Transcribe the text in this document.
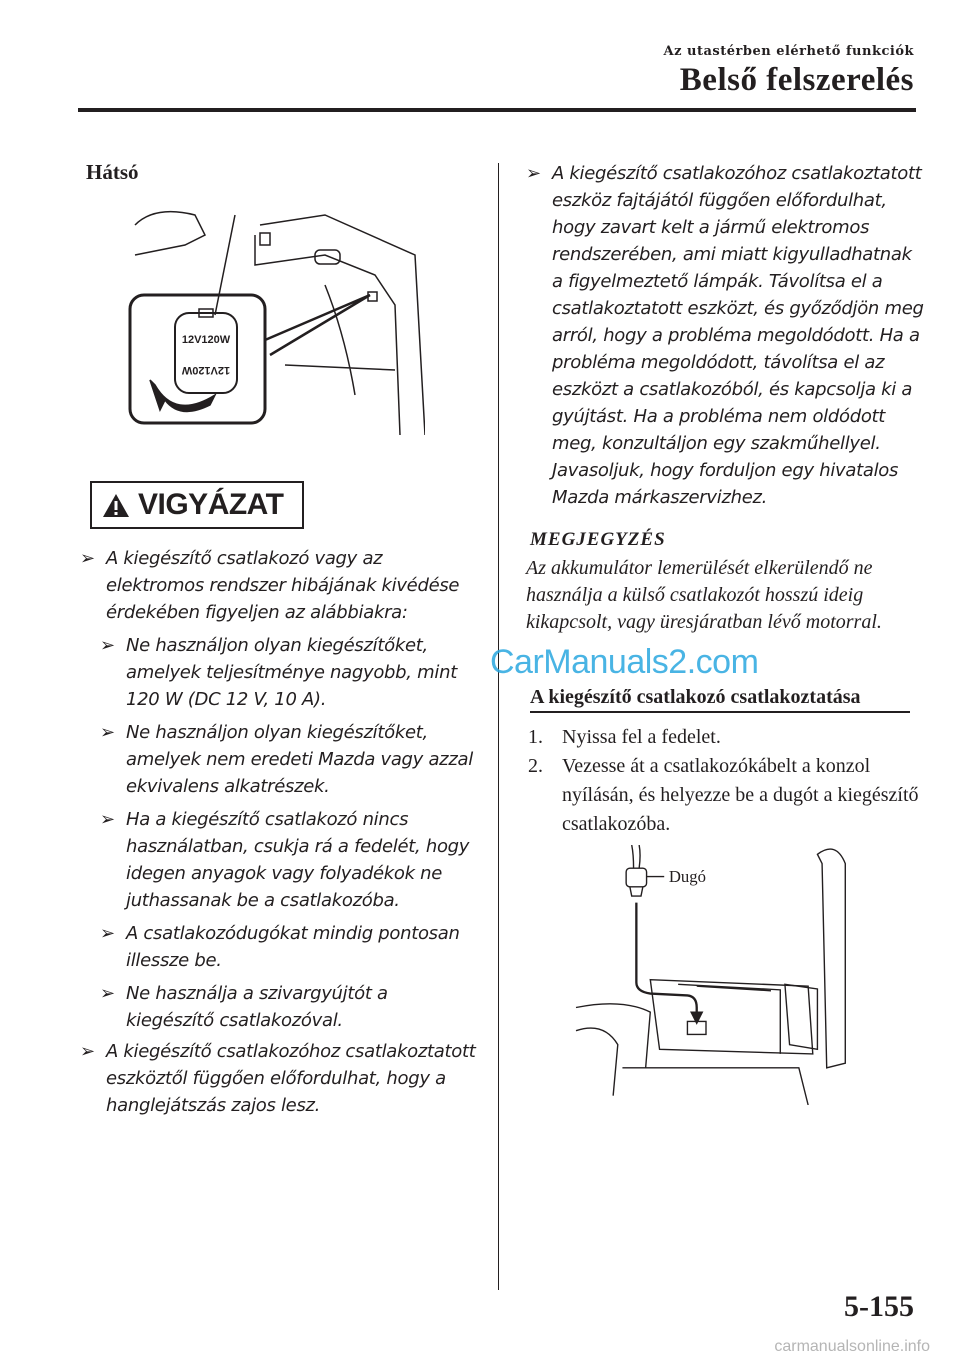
Az utastérben elérhető funkciók
Belső felszerelés
Hátsó
12V120W
12V120W
VIGYÁZAT
➢ A kiegészítő csatlakozó vagy az elektromos rendszer hibájának kivédése érdekében figyeljen az alábbiakra:
➢ Ne használjon olyan kiegészítőket, amelyek teljesítménye nagyobb, mint 120 W (DC 12 V, 10 A).
➢ Ne használjon olyan kiegészítőket, amelyek nem eredeti Mazda vagy azzal ekvivalens alkatrészek.
➢ Ha a kiegészítő csatlakozó nincs használatban, csukja rá a fedelét, hogy idegen anyagok vagy folyadékok ne juthassanak be a csatlakozóba.
➢ A csatlakozódugókat mindig pontosan illessze be.
➢ Ne használja a szivargyújtót a kiegészítő csatlakozóval.
➢ A kiegészítő csatlakozóhoz csatlakoztatott eszköztől függően előfordulhat, hogy a hanglejátszás zajos lesz.
➢ A kiegészítő csatlakozóhoz csatlakoztatott eszköz fajtájától függően előfordulhat, hogy zavart kelt a jármű elektromos rendszerében, ami miatt kigyulladhatnak a figyelmeztető lámpák. Távolítsa el a csatlakoztatott eszközt, és győződjön meg arról, hogy a probléma megoldódott. Ha a probléma megoldódott, távolítsa el az eszközt a csatlakozóból, és kapcsolja ki a gyújtást. Ha a probléma nem oldódott meg, konzultáljon egy szakműhellyel. Javasoljuk, hogy forduljon egy hivatalos Mazda márkaszervizhez.
MEGJEGYZÉS
Az akkumulátor lemerülését elkerülendő ne használja a külső csatlakozót hosszú ideig kikapcsolt, vagy üresjáratban lévő motorral.
CarManuals2.com
A kiegészítő csatlakozó csatlakoztatása
1. Nyissa fel a fedelet.
2. Vezesse át a csatlakozókábelt a konzol nyílásán, és helyezze be a dugót a kiegészítő csatlakozóba.
Dugó
5-155
carmanualsonline.info
